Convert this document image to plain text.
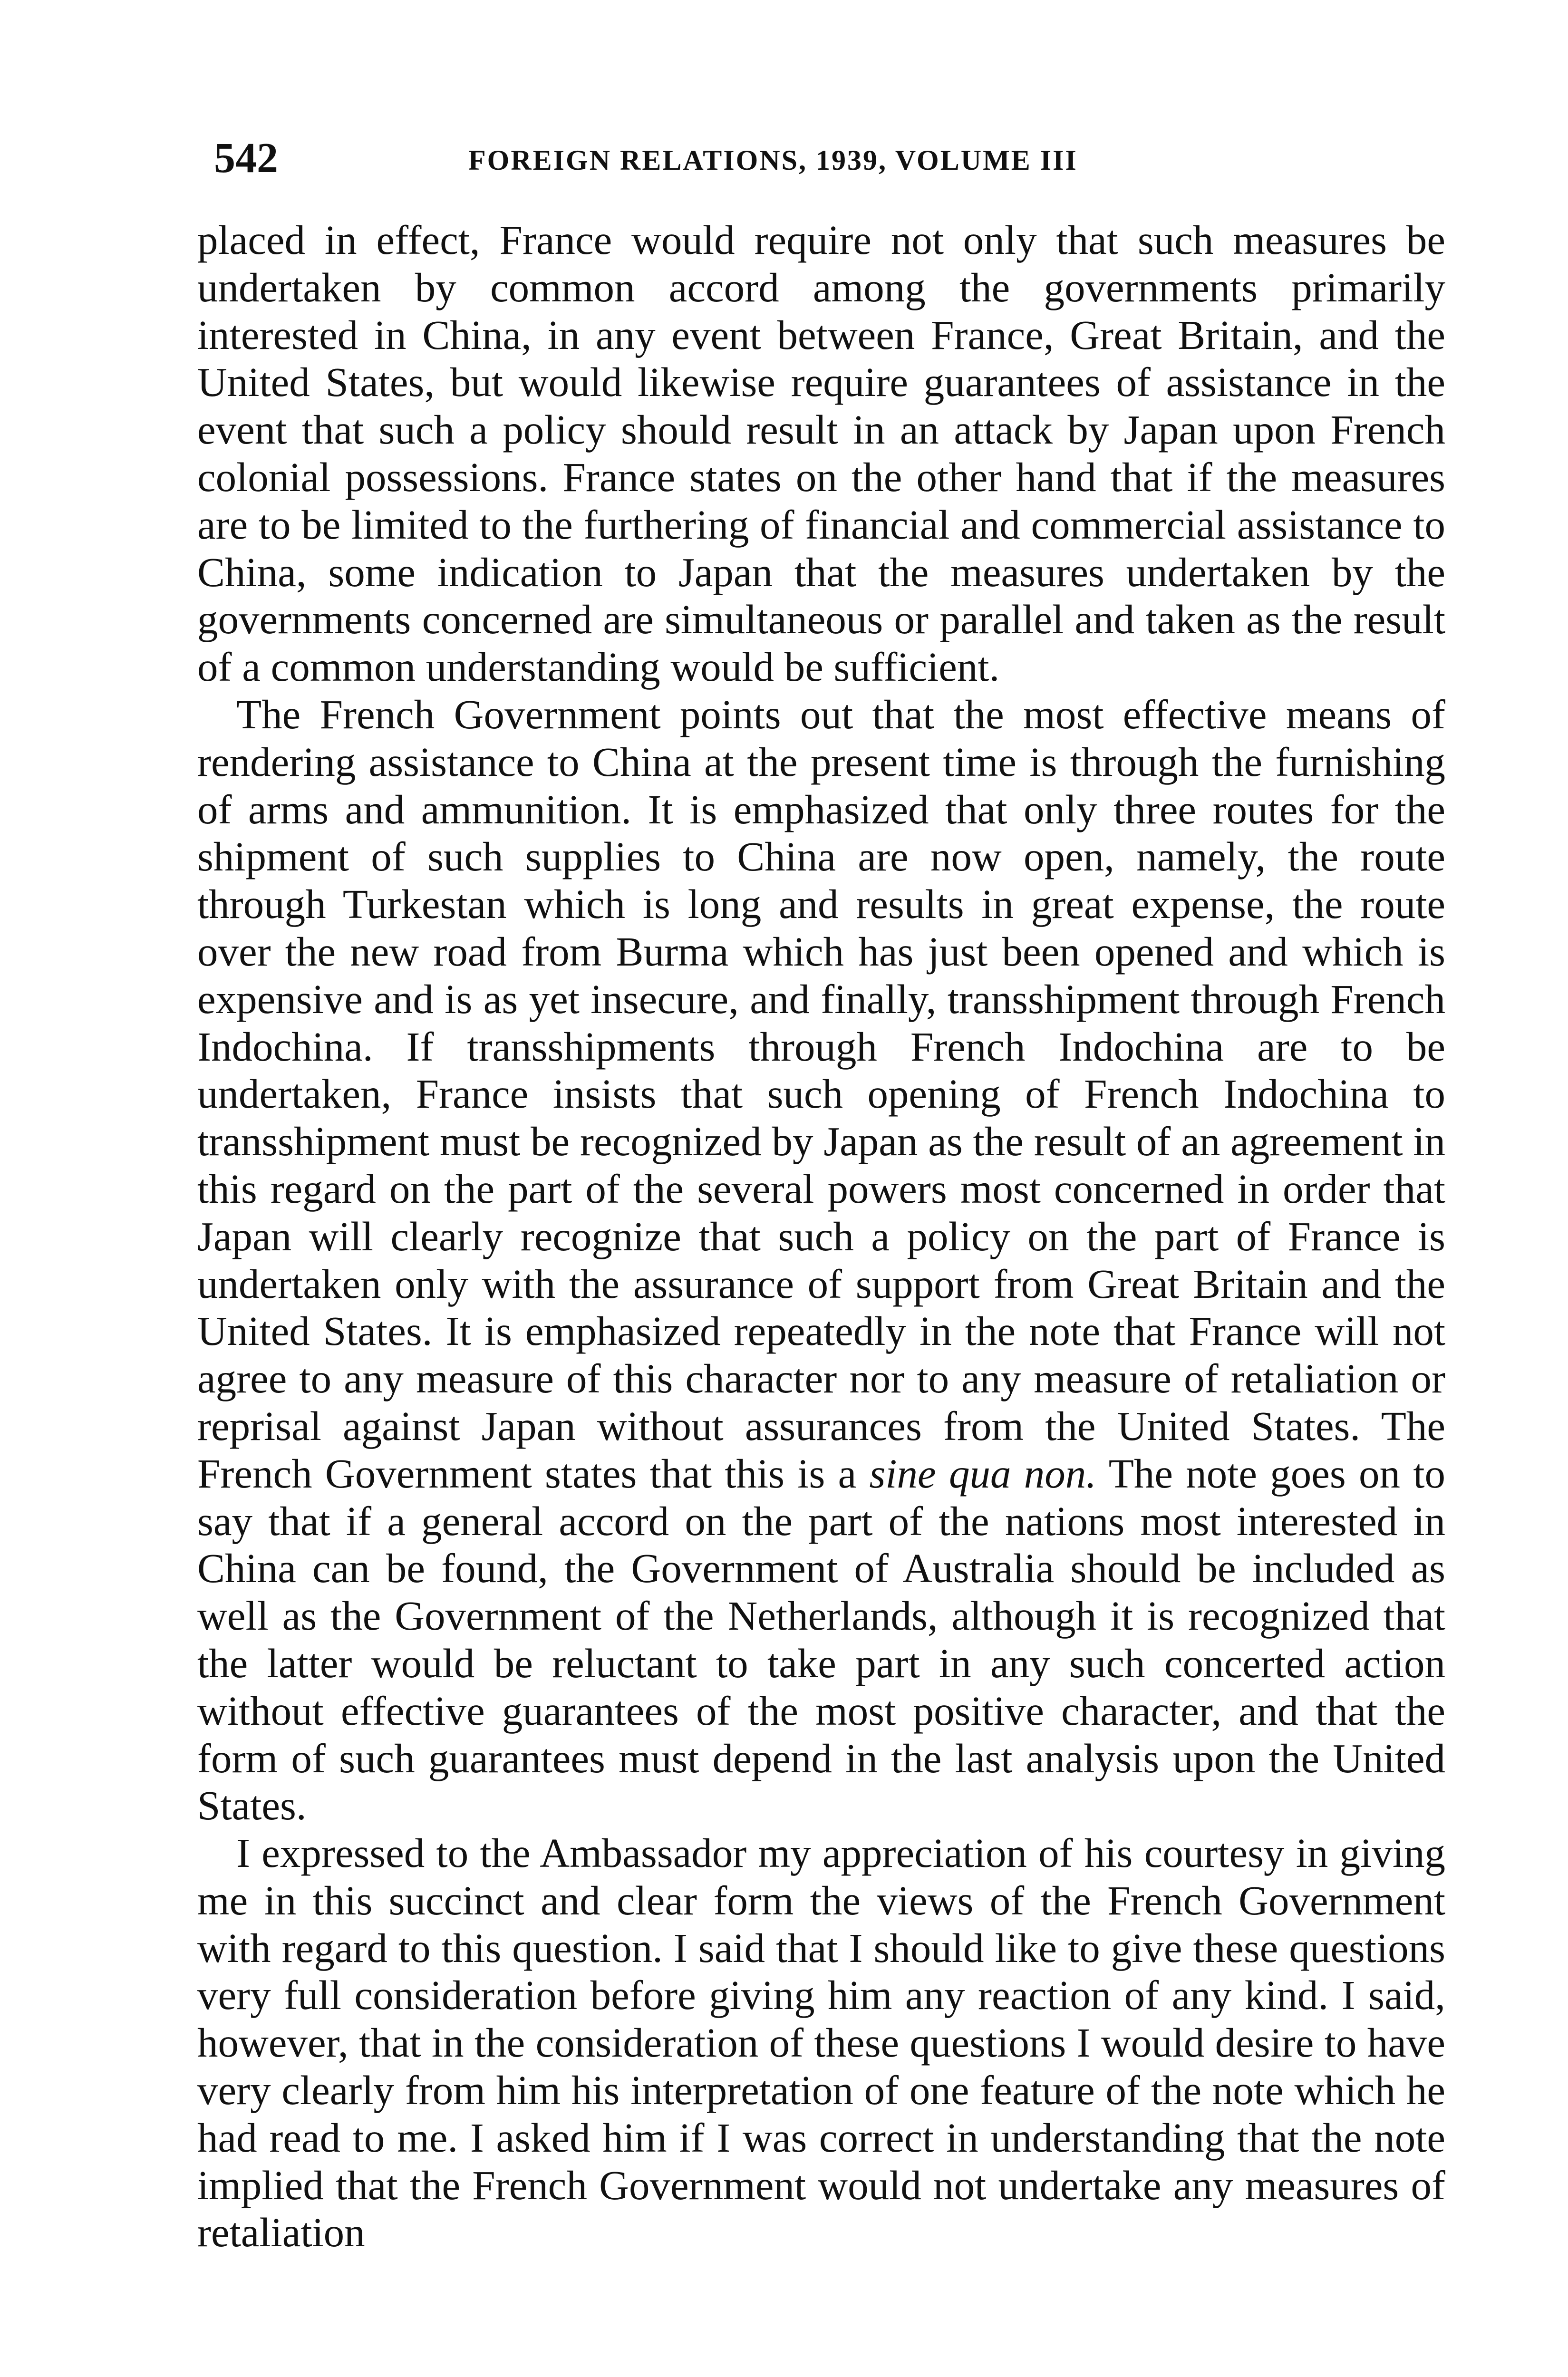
542	FOREIGN RELATIONS, 1939, VOLUME III

placed in effect, France would require not only that such measures be undertaken by common accord among the governments primarily interested in China, in any event between France, Great Britain, and the United States, but would likewise require guarantees of assistance in the event that such a policy should result in an attack by Japan upon French colonial possessions. France states on the other hand that if the measures are to be limited to the furthering of financial and commercial assistance to China, some indication to Japan that the measures undertaken by the governments concerned are simultaneous or parallel and taken as the result of a common understanding would be sufficient.

The French Government points out that the most effective means of rendering assistance to China at the present time is through the furnishing of arms and ammunition. It is emphasized that only three routes for the shipment of such supplies to China are now open, namely, the route through Turkestan which is long and results in great expense, the route over the new road from Burma which has just been opened and which is expensive and is as yet insecure, and finally, transshipment through French Indochina. If transshipments through French Indochina are to be undertaken, France insists that such opening of French Indochina to transshipment must be recognized by Japan as the result of an agreement in this regard on the part of the several powers most concerned in order that Japan will clearly recognize that such a policy on the part of France is undertaken only with the assurance of support from Great Britain and the United States. It is emphasized repeatedly in the note that France will not agree to any measure of this character nor to any measure of retaliation or reprisal against Japan without assurances from the United States. The French Government states that this is a sine qua non. The note goes on to say that if a general accord on the part of the nations most interested in China can be found, the Government of Australia should be included as well as the Government of the Netherlands, although it is recognized that the latter would be reluctant to take part in any such concerted action without effective guarantees of the most positive character, and that the form of such guarantees must depend in the last analysis upon the United States.

I expressed to the Ambassador my appreciation of his courtesy in giving me in this succinct and clear form the views of the French Government with regard to this question. I said that I should like to give these questions very full consideration before giving him any reaction of any kind. I said, however, that in the consideration of these questions I would desire to have very clearly from him his interpretation of one feature of the note which he had read to me. I asked him if I was correct in understanding that the note implied that the French Government would not undertake any measures of retaliation
